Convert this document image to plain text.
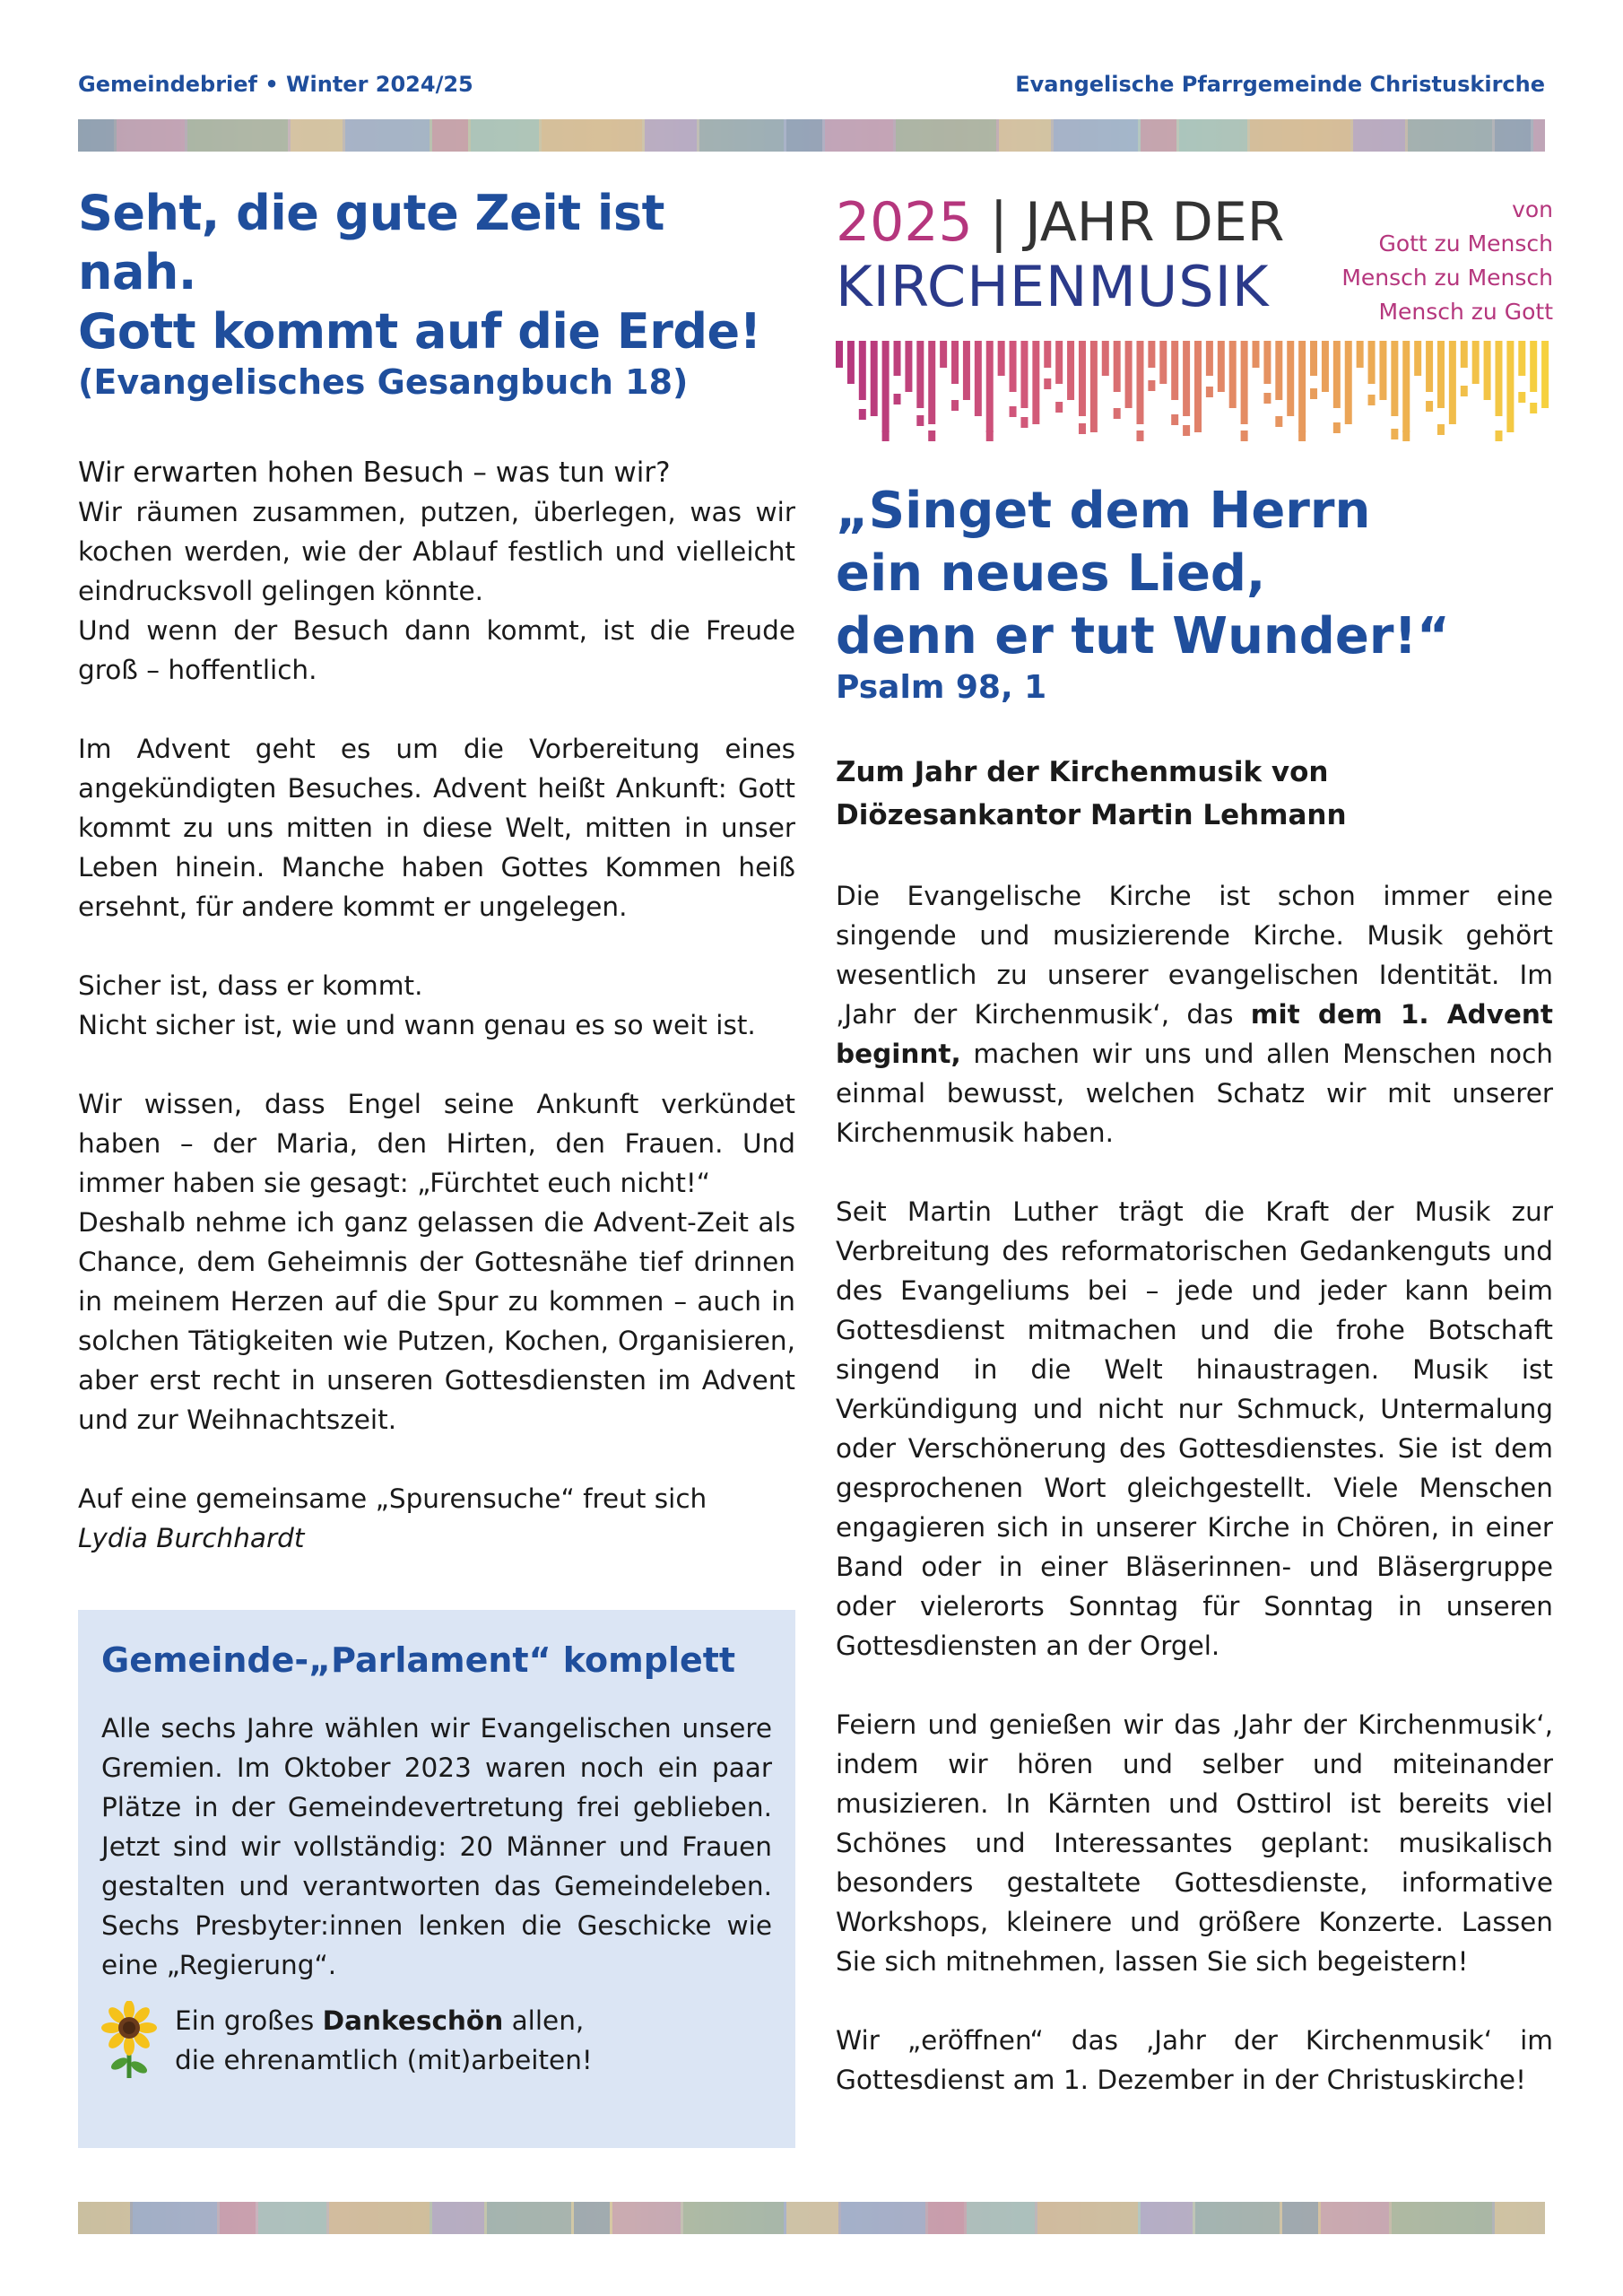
Gemeindebrief • Winter 2024/25	Evangelische Pfarrgemeinde Christuskirche
Seht, die gute Zeit ist nah.
Gott kommt auf die Erde!
(Evangelisches Gesangbuch 18)
Wir erwarten hohen Besuch – was tun wir?
Wir räumen zusammen, putzen, überlegen, was wir kochen werden, wie der Ablauf festlich und vielleicht eindrucksvoll gelingen könnte.
Und wenn der Besuch dann kommt, ist die Freude groß – hoffentlich.
Im Advent geht es um die Vorbereitung eines angekündigten Besuches. Advent heißt Ankunft: Gott kommt zu uns mitten in diese Welt, mitten in unser Leben hinein. Manche haben Gottes Kommen heiß ersehnt, für andere kommt er ungelegen.
Sicher ist, dass er kommt.
Nicht sicher ist, wie und wann genau es so weit ist.
Wir wissen, dass Engel seine Ankunft verkündet haben – der Maria, den Hirten, den Frauen. Und immer haben sie gesagt: „Fürchtet euch nicht!“
Deshalb nehme ich ganz gelassen die Advent-Zeit als Chance, dem Geheimnis der Gottesnähe tief drinnen in meinem Herzen auf die Spur zu kommen – auch in solchen Tätigkeiten wie Putzen, Kochen, Organisieren, aber erst recht in unseren Gottesdiensten im Advent und zur Weihnachtszeit.
Auf eine gemeinsame „Spurensuche“ freut sich
Lydia Burchhardt
Gemeinde-„Parlament“ komplett
Alle sechs Jahre wählen wir Evangelischen unsere Gremien. Im Oktober 2023 waren noch ein paar Plätze in der Gemeindevertretung frei geblieben. Jetzt sind wir vollständig: 20 Männer und Frauen gestalten und verantworten das Gemeindeleben. Sechs Presbyter:innen lenken die Geschicke wie eine „Regierung“.
Ein großes Dankeschön allen,
die ehrenamtlich (mit)arbeiten!
2025 | JAHR DER
KIRCHENMUSIK
von
Gott zu Mensch
Mensch zu Mensch
Mensch zu Gott
„Singet dem Herrn
ein neues Lied,
denn er tut Wunder!“
Psalm 98, 1
Zum Jahr der Kirchenmusik von
Diözesankantor Martin Lehmann
Die Evangelische Kirche ist schon immer eine singende und musizierende Kirche. Musik gehört wesentlich zu unserer evangelischen Identität. Im ‚Jahr der Kirchenmusik‘, das mit dem 1. Advent beginnt, machen wir uns und allen Menschen noch einmal bewusst, welchen Schatz wir mit unserer Kirchenmusik haben.
Seit Martin Luther trägt die Kraft der Musik zur Verbreitung des reformatorischen Gedankenguts und des Evangeliums bei – jede und jeder kann beim Gottesdienst mitmachen und die frohe Botschaft singend in die Welt hinaustragen. Musik ist Verkündigung und nicht nur Schmuck, Untermalung oder Verschönerung des Gottesdienstes. Sie ist dem gesprochenen Wort gleichgestellt. Viele Menschen engagieren sich in unserer Kirche in Chören, in einer Band oder in einer Bläserinnen- und Bläsergruppe oder vielerorts Sonntag für Sonntag in unseren Gottesdiensten an der Orgel.
Feiern und genießen wir das ‚Jahr der Kirchenmusik‘, indem wir hören und selber und miteinander musizieren. In Kärnten und Osttirol ist bereits viel Schönes und Interessantes geplant: musikalisch besonders gestaltete Gottesdienste, informative Workshops, kleinere und größere Konzerte. Lassen Sie sich mitnehmen, lassen Sie sich begeistern!
Wir „eröffnen“ das ‚Jahr der Kirchenmusik‘ im Gottesdienst am 1. Dezember in der Christuskirche!
